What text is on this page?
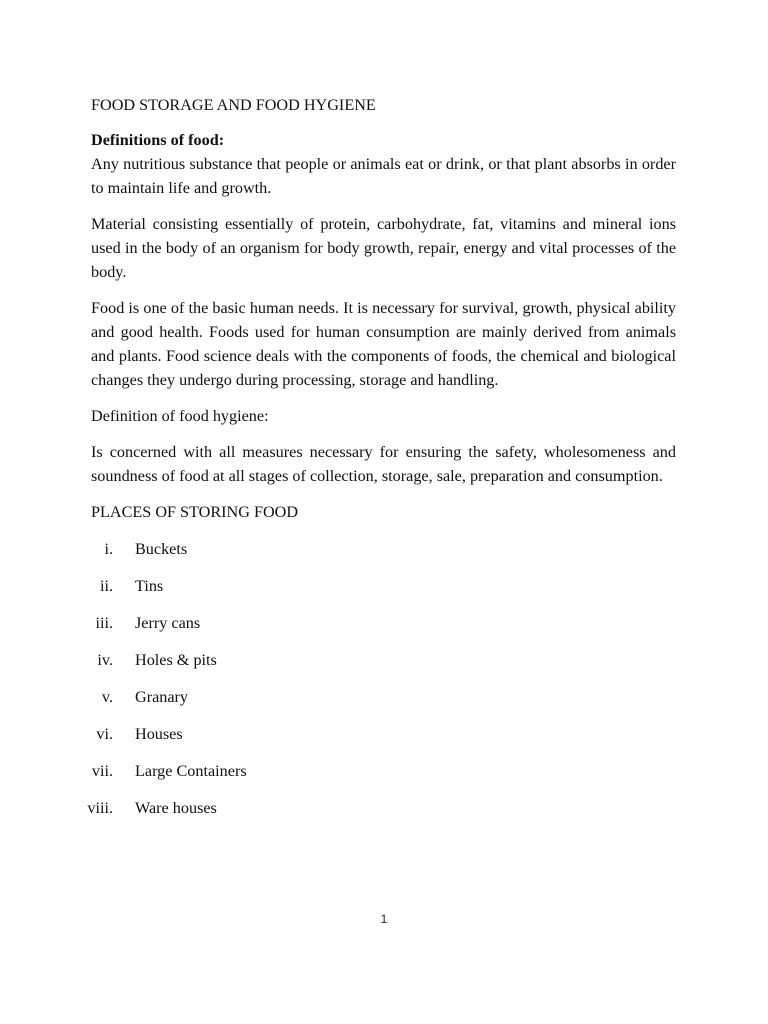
FOOD STORAGE AND FOOD HYGIENE

Definitions of food:

Any nutritious substance that people or animals eat or drink, or that plant absorbs in order to maintain life and growth.

Material consisting essentially of protein, carbohydrate, fat, vitamins and mineral ions used in the body of an organism for body growth, repair, energy and vital processes of the body.

Food is one of the basic human needs. It is necessary for survival, growth, physical ability and good health. Foods used for human consumption are mainly derived from animals and plants. Food science deals with the components of foods, the chemical and biological changes they undergo during processing, storage and handling.

Definition of food hygiene:

Is concerned with all measures necessary for ensuring the safety, wholesomeness and soundness of food at all stages of collection, storage, sale, preparation and consumption.

PLACES OF STORING FOOD

i. Buckets
ii. Tins
iii. Jerry cans
iv. Holes & pits
v. Granary
vi. Houses
vii. Large Containers
viii. Ware houses
1
